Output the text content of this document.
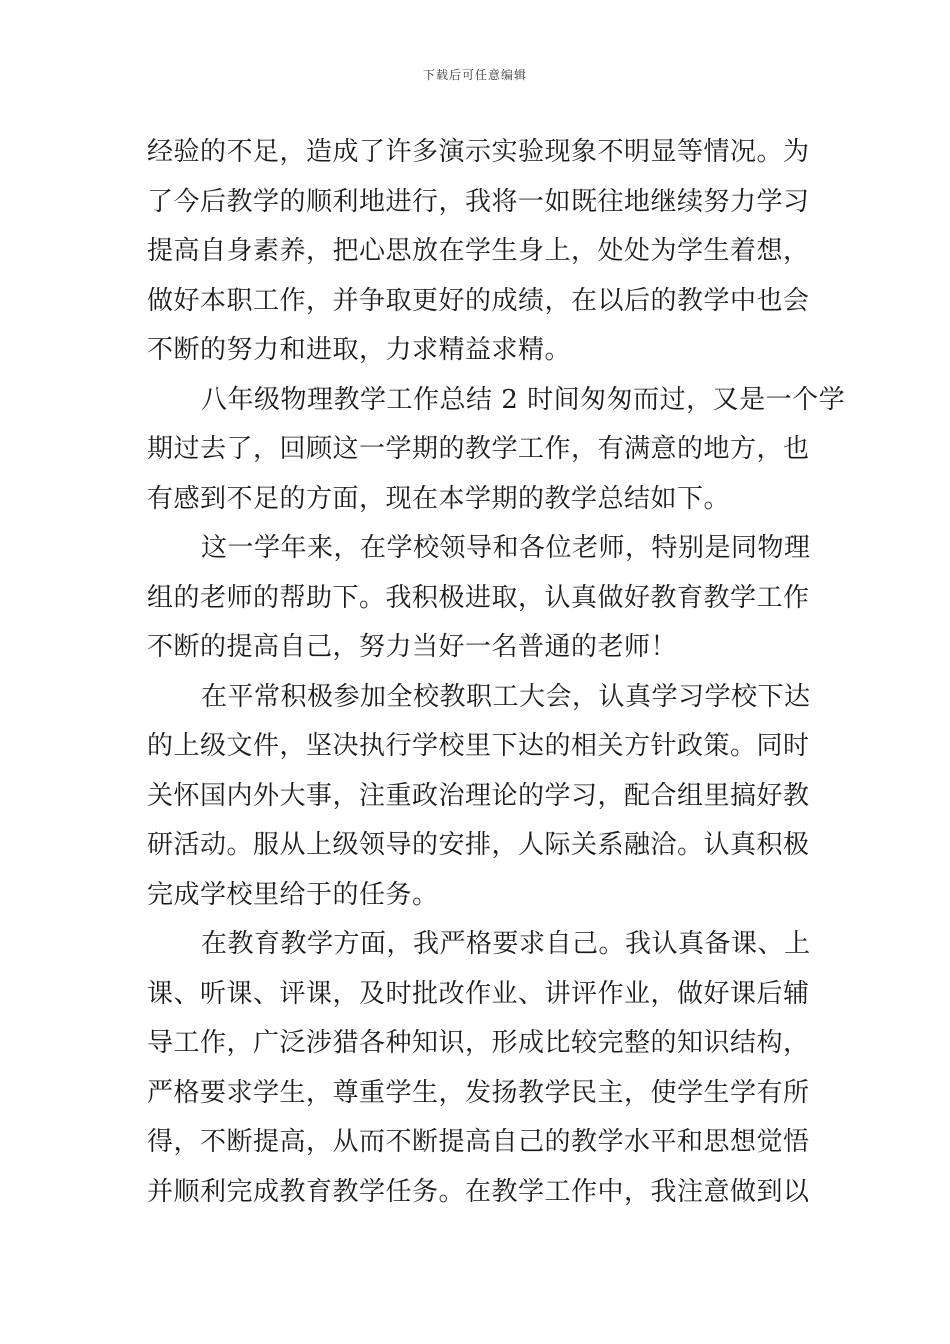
下载后可任意编辑
经验的不足，造成了许多演示实验现象不明显等情况。为
了今后教学的顺利地进行，我将一如既往地继续努力学习
提高自身素养，把心思放在学生身上，处处为学生着想，
做好本职工作，并争取更好的成绩，在以后的教学中也会
不断的努力和进取，力求精益求精。
八年级物理教学工作总结 2 时间匆匆而过，又是一个学
期过去了，回顾这一学期的教学工作，有满意的地方，也
有感到不足的方面，现在本学期的教学总结如下。
这一学年来，在学校领导和各位老师，特别是同物理
组的老师的帮助下。我积极进取，认真做好教育教学工作
不断的提高自己，努力当好一名普通的老师！
在平常积极参加全校教职工大会，认真学习学校下达
的上级文件，坚决执行学校里下达的相关方针政策。同时
关怀国内外大事，注重政治理论的学习，配合组里搞好教
研活动。服从上级领导的安排，人际关系融洽。认真积极
完成学校里给于的任务。
在教育教学方面，我严格要求自己。我认真备课、上
课、听课、评课，及时批改作业、讲评作业，做好课后辅
导工作，广泛涉猎各种知识，形成比较完整的知识结构，
严格要求学生，尊重学生，发扬教学民主，使学生学有所
得，不断提高，从而不断提高自己的教学水平和思想觉悟
并顺利完成教育教学任务。在教学工作中，我注意做到以
